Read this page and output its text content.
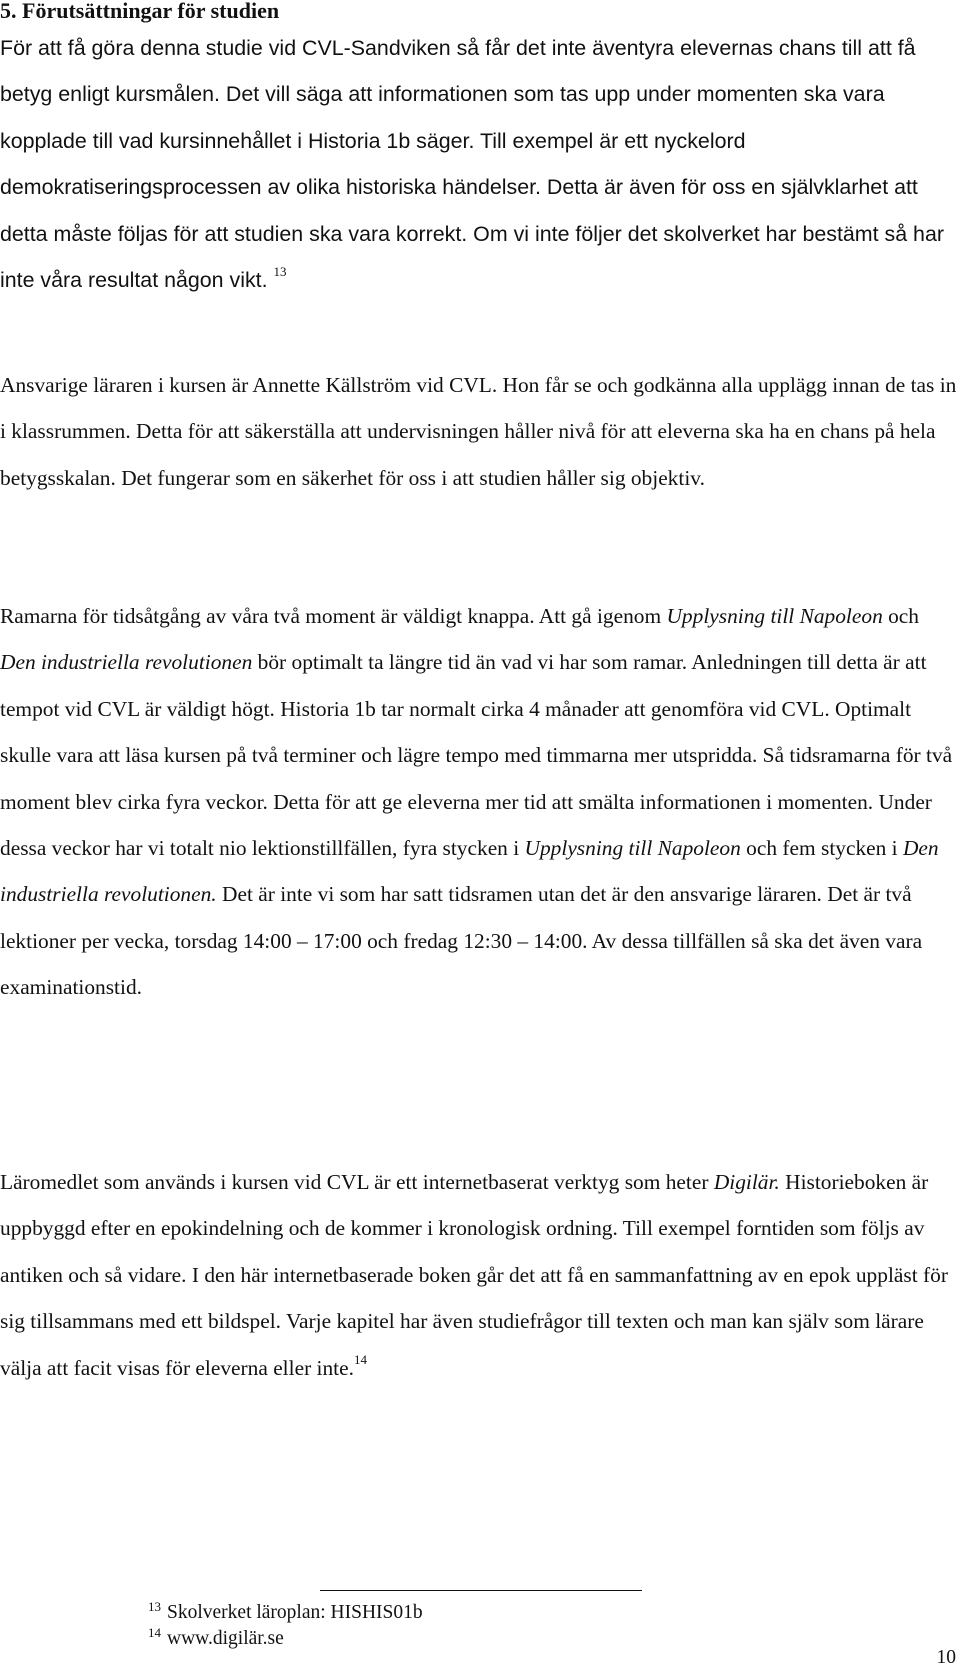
5. Förutsättningar för studien

För att få göra denna studie vid CVL-Sandviken så får det inte äventyra elevernas chans till att få betyg enligt kursmålen. Det vill säga att informationen som tas upp under momenten ska vara kopplade till vad kursinnehållet i Historia 1b säger. Till exempel är ett nyckelord demokratiseringsprocessen av olika historiska händelser. Detta är även för oss en självklarhet att detta måste följas för att studien ska vara korrekt. Om vi inte följer det skolverket har bestämt så har inte våra resultat någon vikt. $^{13}$

Ansvarige läraren i kursen är Annette Källström vid CVL. Hon får se och godkänna alla upplägg innan de tas in i klassrummen. Detta för att säkerställa att undervisningen håller nivå för att eleverna ska ha en chans på hela betygsskalan. Det fungerar som en säkerhet för oss i att studien håller sig objektiv.

Ramarna för tidsåtgång av våra två moment är väldigt knappa. Att gå igenom Upplysning till Napoleon och Den industriella revolutionen bör optimalt ta längre tid än vad vi har som ramar. Anledningen till detta är att tempot vid CVL är väldigt högt. Historia 1b tar normalt cirka 4 månader att genomföra vid CVL. Optimalt skulle vara att läsa kursen på två terminer och lägre tempo med timmarna mer utspridda. Så tidsramarna för två moment blev cirka fyra veckor. Detta för att ge eleverna mer tid att smälta informationen i momenten. Under dessa veckor har vi totalt nio lektionstillfällen, fyra stycken i Upplysning till Napoleon och fem stycken i Den industriella revolutionen. Det är inte vi som har satt tidsramen utan det är den ansvarige läraren. Det är två lektioner per vecka, torsdag 14:00 – 17:00 och fredag 12:30 – 14:00. Av dessa tillfällen så ska det även vara examinationstid.

Läromedlet som används i kursen vid CVL är ett internetbaserat verktyg som heter Digilär. Historieboken är uppbyggd efter en epokindelning och de kommer i kronologisk ordning. Till exempel forntiden som följs av antiken och så vidare. I den här internetbaserade boken går det att få en sammanfattning av en epok uppläst för sig tillsammans med ett bildspel. Varje kapitel har även studiefrågor till texten och man kan själv som lärare välja att facit visas för eleverna eller inte.$^{14}$

$^{13}$ Skolverket läroplan: HISHIS01b

$^{14}$ www.digilär.se

10
